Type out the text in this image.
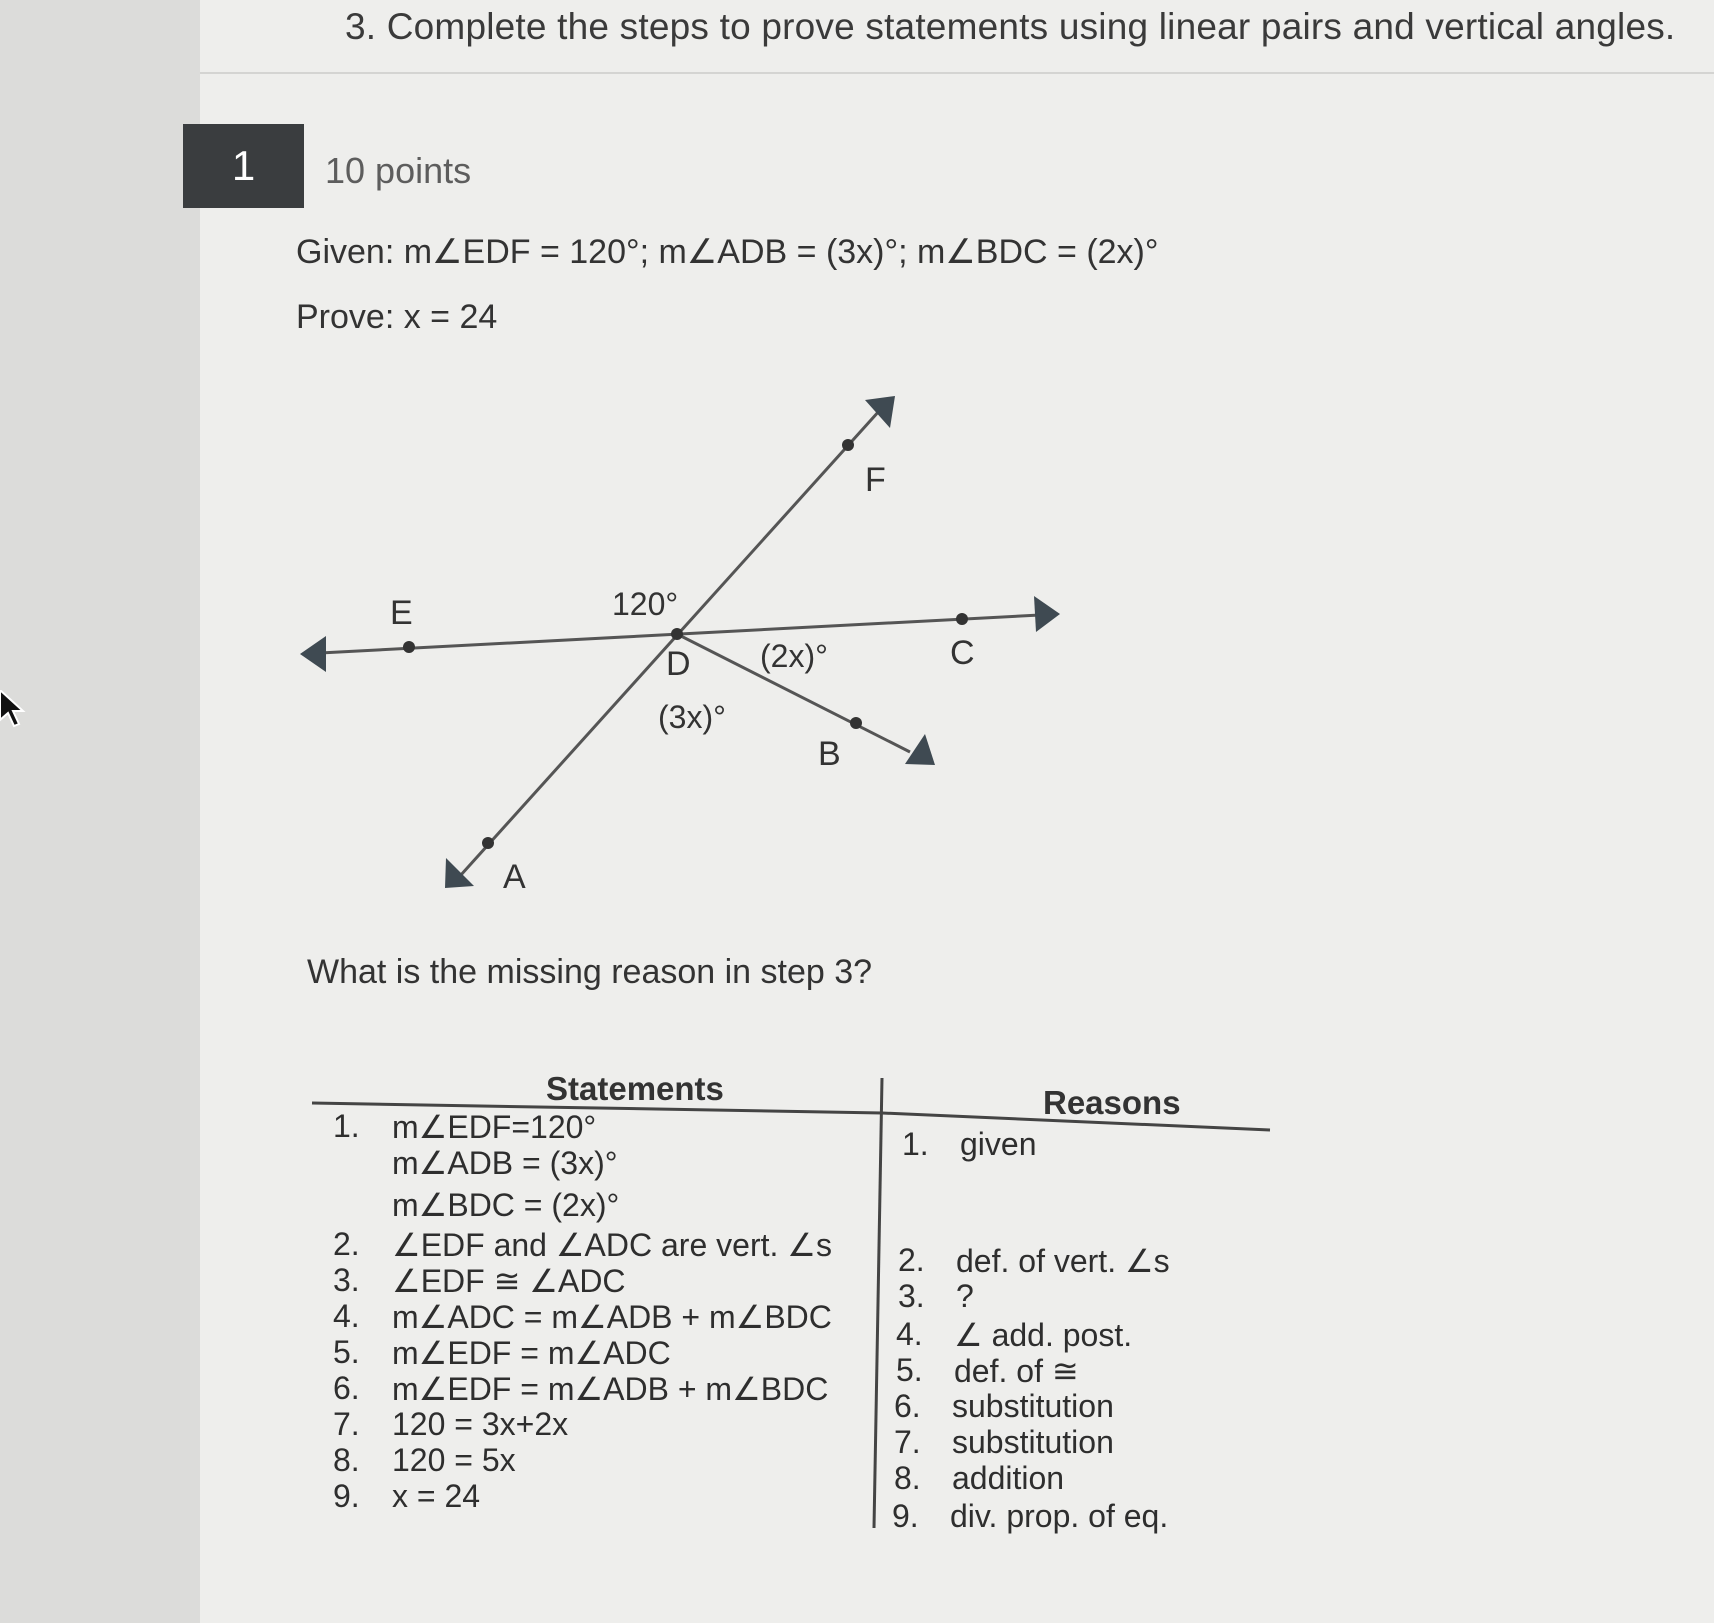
3. Complete the steps to prove statements using linear pairs and vertical angles.
1 10 points
Given: m∠EDF = 120°; m∠ADB = (3x)°; m∠BDC = (2x)°
Prove: x = 24
E
F
D	C
B
A
120°
(2x)°
(3x)°
What is the missing reason in step 3?
Statements	Reasons
1. m∠EDF=120°
m∠ADB = (3x)°
m∠BDC = (2x)°
2. ∠EDF and ∠ADC are vert. ∠s
3. ∠EDF ≅ ∠ADC
4. m∠ADC = m∠ADB + m∠BDC
5. m∠EDF = m∠ADC
6. m∠EDF = m∠ADB + m∠BDC
7. 120 = 3x+2x
8. 120 = 5x
9. x = 24
1. given
2. def. of vert. ∠s
3. ?
4. ∠ add. post.
5. def. of ≅
6. substitution
7. substitution
8. addition
9. div. prop. of eq.
